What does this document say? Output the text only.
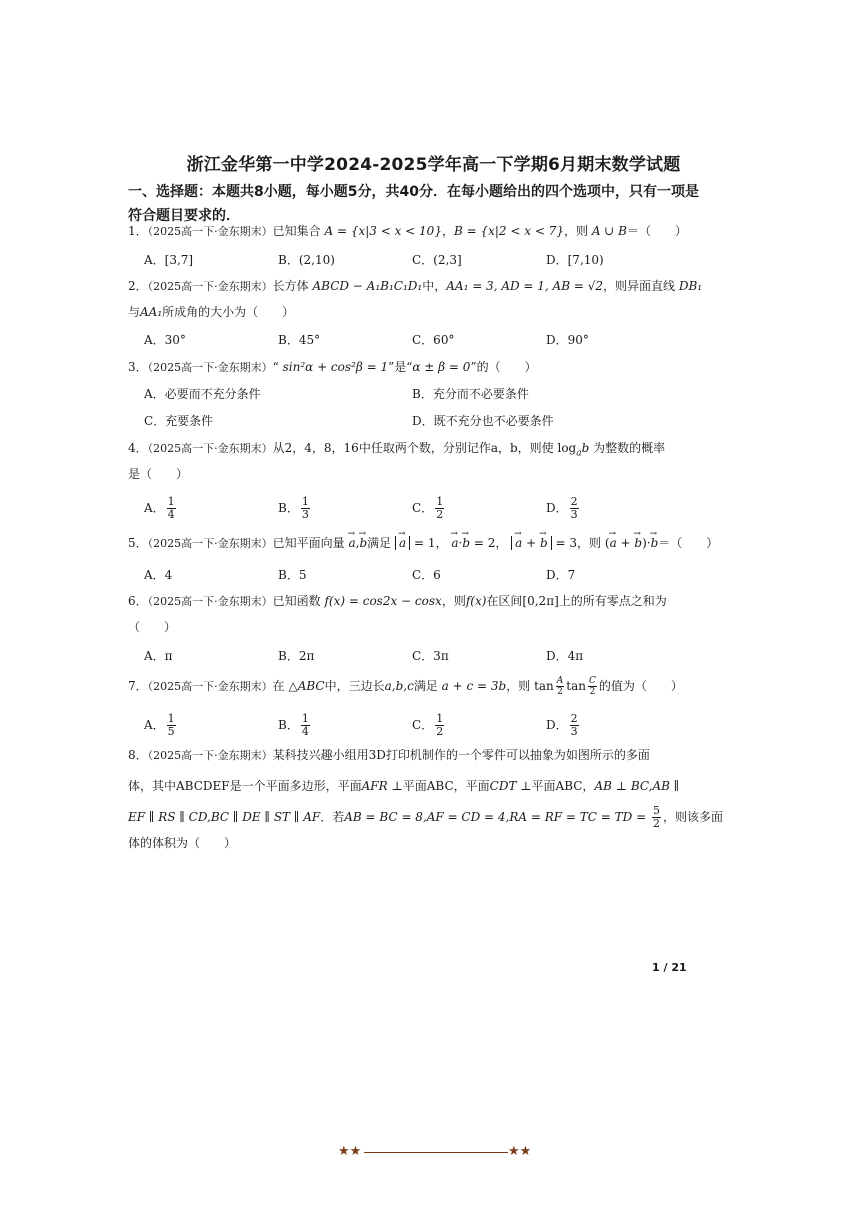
浙江金华第一中学2024-2025学年高一下学期6月期末数学试题
一、选择题：本题共8小题，每小题5分，共40分．在每小题给出的四个选项中，只有一项是符合题目要求的．
1．（2025高一下·金东期末）已知集合 A = {x|3 < x < 10}，B = {x|2 < x < 7}，则 A ∪ B＝（　　）
A．[3,7]	B．(2,10)	C．(2,3]	D．[7,10)
2．（2025高一下·金东期末）长方体 ABCD − A₁B₁C₁D₁中，AA₁ = 3, AD = 1, AB = √2，则异面直线 DB₁
与AA₁所成角的大小为（　　）
A．30°	B．45°	C．60°	D．90°
3．（2025高一下·金东期末）“ sin²α + cos²β = 1”是“α ± β = 0”的（　　）
A．必要而不充分条件	B．充分而不必要条件
C．充要条件	D．既不充分也不必要条件
4．（2025高一下·金东期末）从2，4，8，16中任取两个数，分别记作a，b，则使 $\log_ab$ 为整数的概率
是（　　）
A． $\frac{1}{4}$	B． $\frac{1}{3}$	C． $\frac{1}{2}$	D． $\frac{2}{3}$
5．（2025高一下·金东期末）已知平面向量 → a,→ b满足 → a = 1， → a·→ b = 2， → a + → b = 3，则 (→ a + → b)·→ b＝（　　）
A．4	B．5	C．6	D．7
6．（2025高一下·金东期末）已知函数 f(x) = cos2x − cosx，则f(x)在区间[0,2π]上的所有零点之和为
（　　）
A．π	B．2π	C．3π	D．4π
7．（2025高一下·金东期末）在 △ABC中，三边长a,b,c满足 a + c = 3b，则 $\tan \frac{A}{2}$ $\tan \frac{C}{2}$ 的值为（　　）
A． $\frac{1}{5}$	B． $\frac{1}{4}$	C． $\frac{1}{2}$	D． $\frac{2}{3}$
8．（2025高一下·金东期末）某科技兴趣小组用3D打印机制作的一个零件可以抽象为如图所示的多面
体，其中ABCDEF是一个平面多边形，平面AFR ⊥平面ABC，平面CDT ⊥平面ABC，AB ⊥ BC,AB ∥
EF ∥ RS ∥ CD,BC ∥ DE ∥ ST ∥ AF．若AB = BC = 8,AF = CD = 4,RA = RF = TC = TD = $\frac{5}{2}$ ，则该多面
体的体积为（　　）
1 / 21
★★	★★
